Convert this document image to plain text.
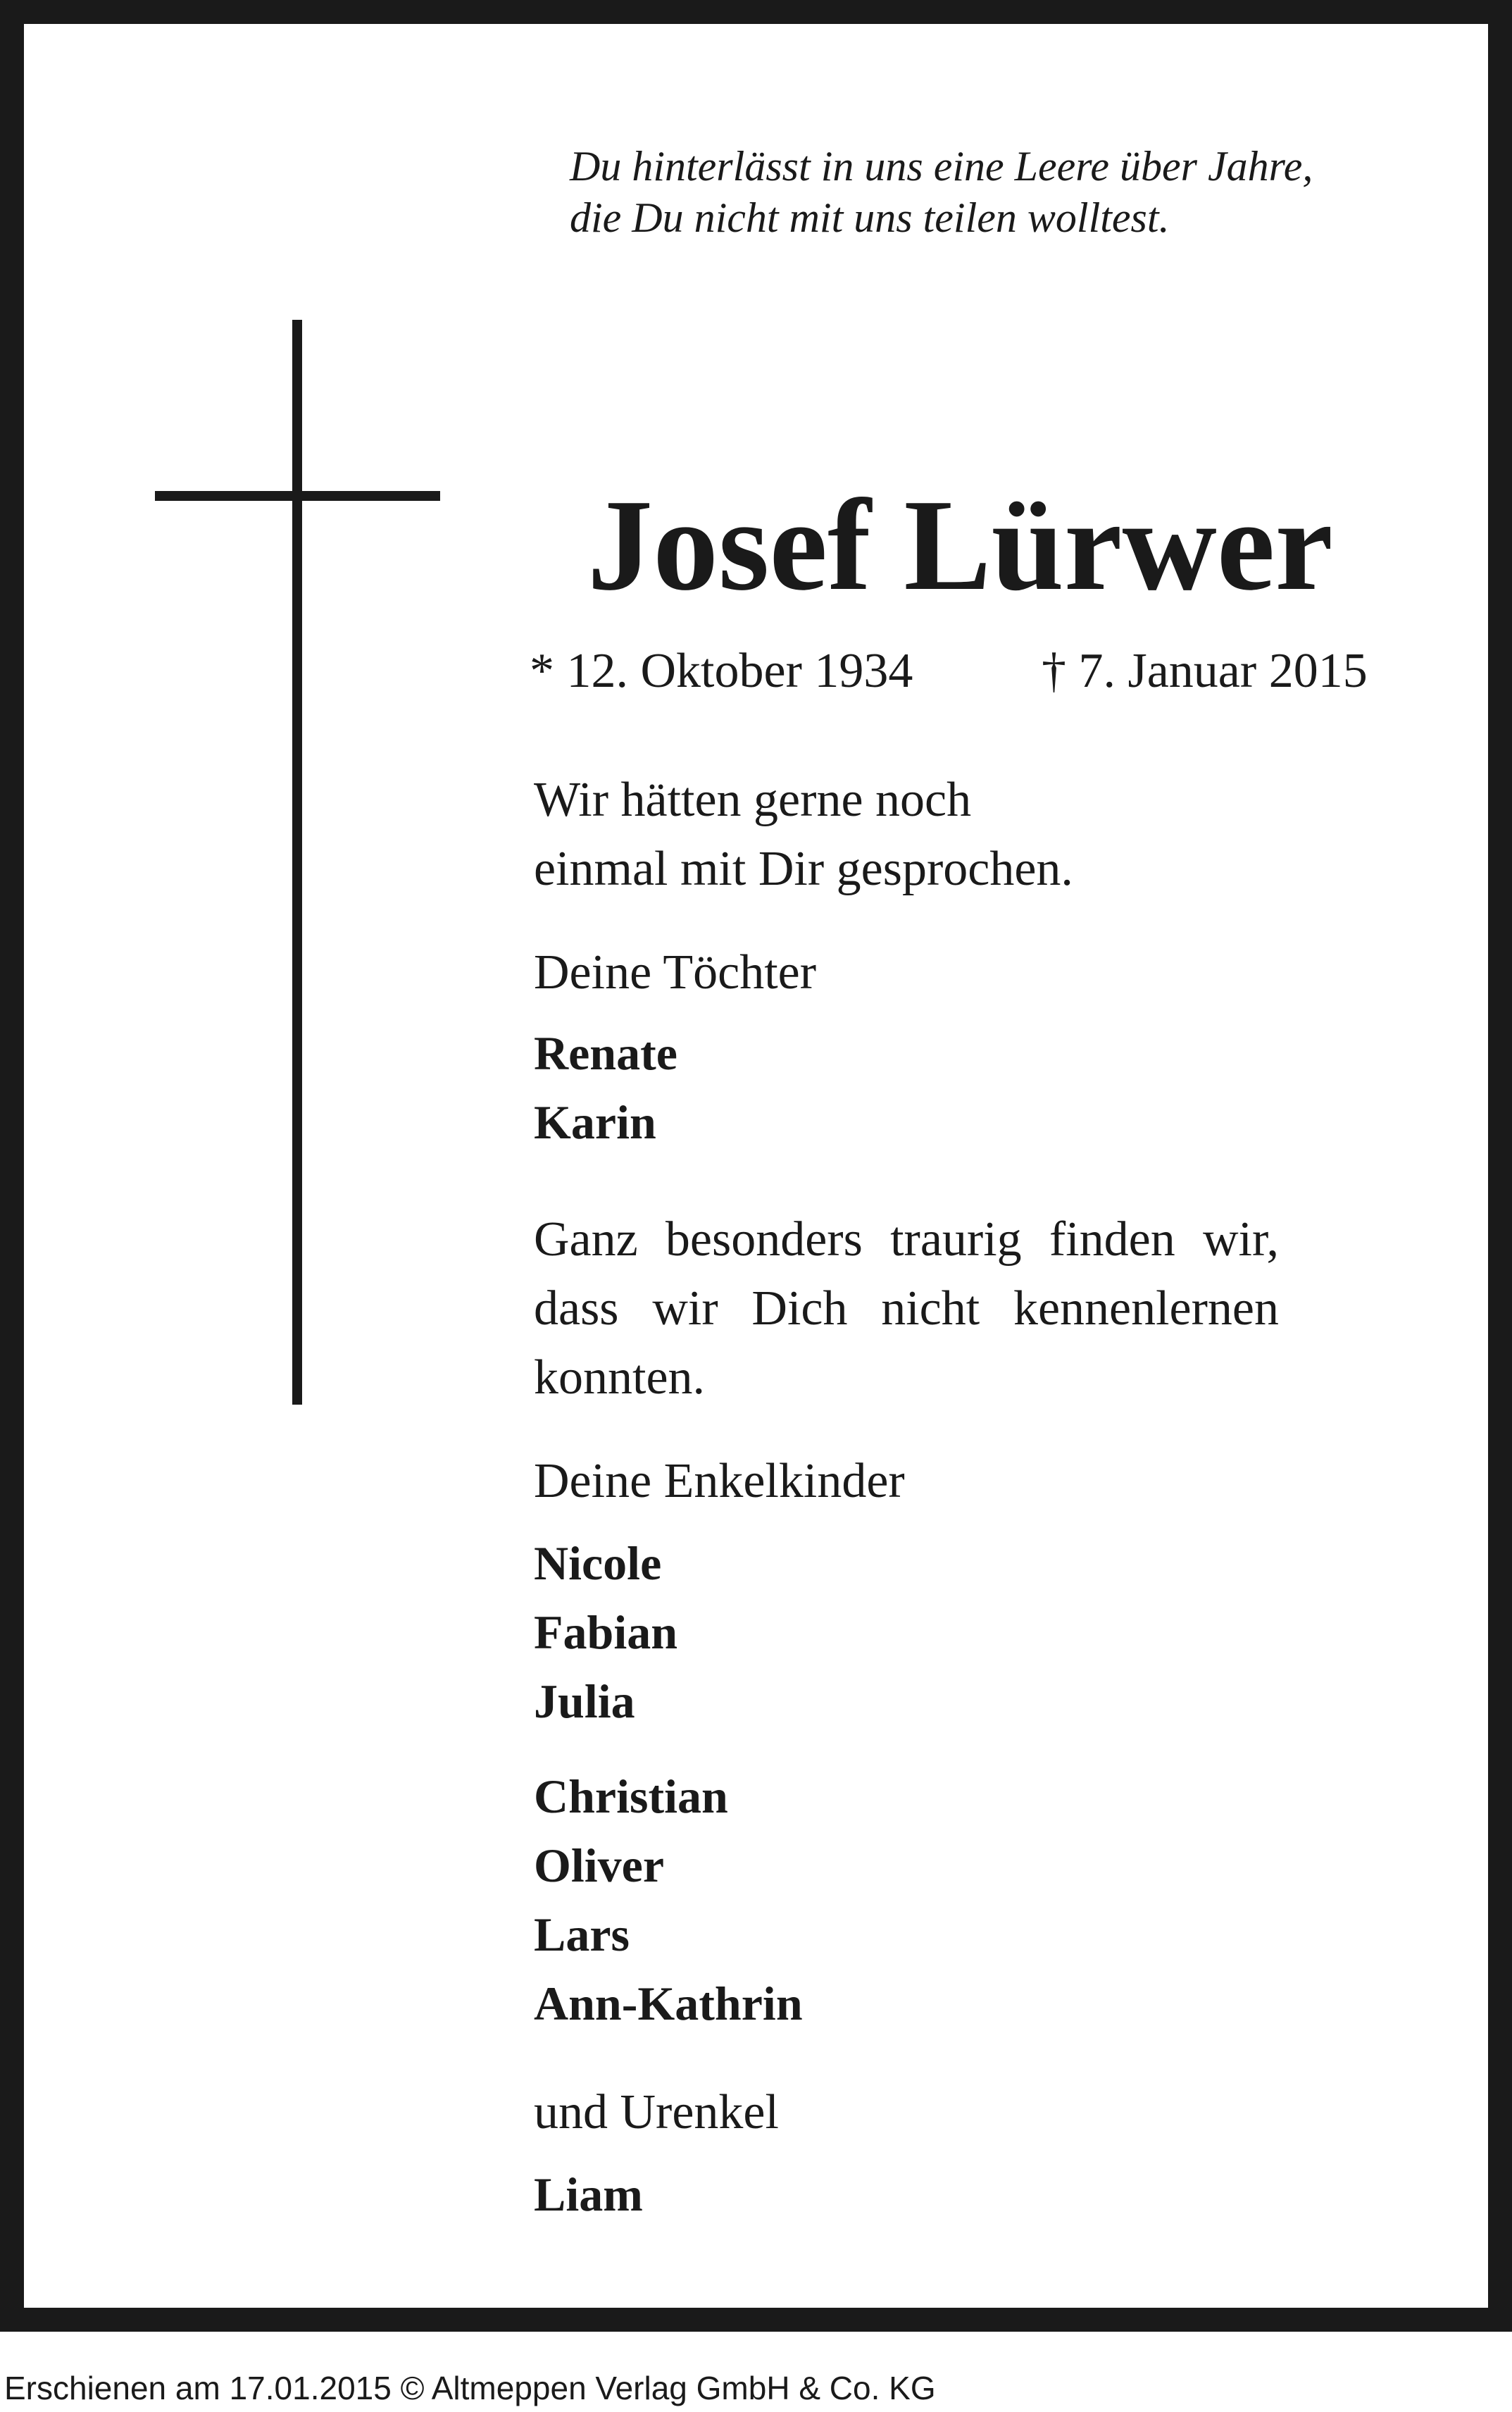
Du hinterlässt in uns eine Leere über Jahre,
die Du nicht mit uns teilen wolltest.
Josef Lürwer
* 12. Oktober 1934	† 7. Januar 2015
Wir hätten gerne noch
einmal mit Dir gesprochen.
Deine Töchter
Renate
Karin
Ganz besonders traurig finden wir,
dass wir Dich nicht kennenlernen
konnten.
Deine Enkelkinder
Nicole
Fabian
Julia
Christian
Oliver
Lars
Ann-Kathrin
und Urenkel
Liam
Erschienen am 17.01.2015 © Altmeppen Verlag GmbH & Co. KG
